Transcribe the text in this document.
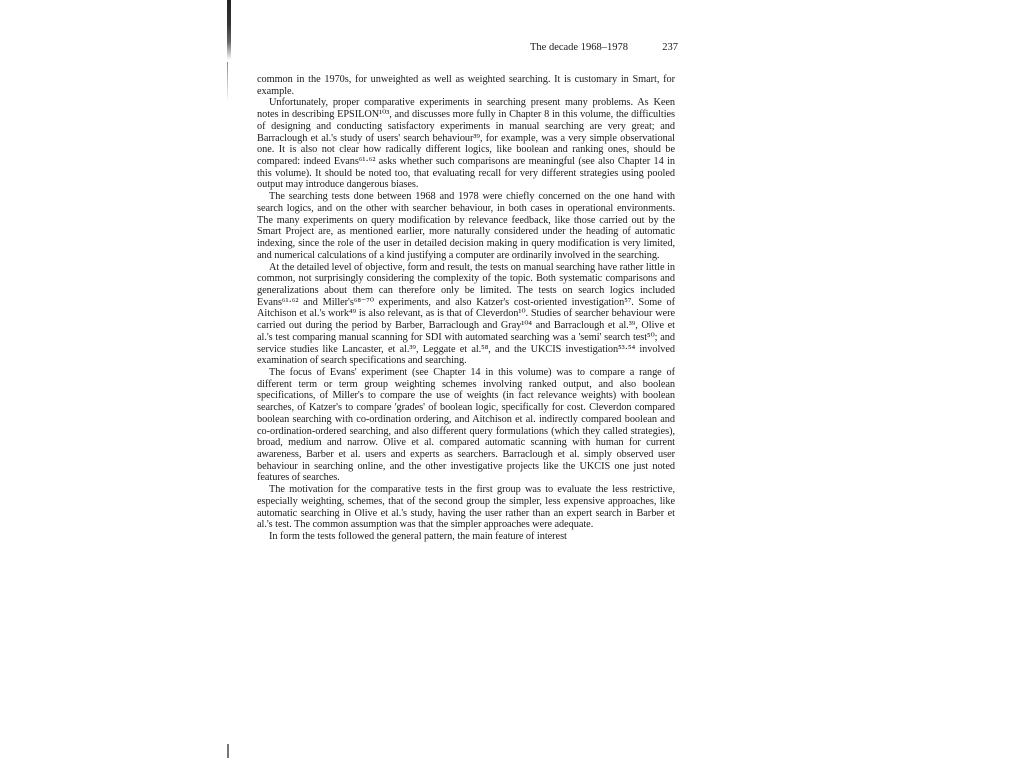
The decade 1968–1978	237

common in the 1970s, for unweighted as well as weighted searching. It is customary in Smart, for example.

Unfortunately, proper comparative experiments in searching present many problems. As Keen notes in describing EPSILON¹⁰³, and discusses more fully in Chapter 8 in this volume, the difficulties of designing and conducting satisfactory experiments in manual searching are very great; and Barraclough et al.'s study of users' search behaviour³⁹, for example, was a very simple observational one. It is also not clear how radically different logics, like boolean and ranking ones, should be compared: indeed Evans⁶¹·⁶² asks whether such comparisons are meaningful (see also Chapter 14 in this volume). It should be noted too, that evaluating recall for very different strategies using pooled output may introduce dangerous biases.

The searching tests done between 1968 and 1978 were chiefly concerned on the one hand with search logics, and on the other with searcher behaviour, in both cases in operational environments. The many experiments on query modification by relevance feedback, like those carried out by the Smart Project are, as mentioned earlier, more naturally considered under the heading of automatic indexing, since the role of the user in detailed decision making in query modification is very limited, and numerical calculations of a kind justifying a computer are ordinarily involved in the searching.

At the detailed level of objective, form and result, the tests on manual searching have rather little in common, not surprisingly considering the complexity of the topic. Both systematic comparisons and generalizations about them can therefore only be limited. The tests on search logics included Evans⁶¹·⁶² and Miller's⁶⁸⁻⁷⁰ experiments, and also Katzer's cost-oriented investigation⁵⁷. Some of Aitchison et al.'s work⁴⁹ is also relevant, as is that of Cleverdon¹⁰. Studies of searcher behaviour were carried out during the period by Barber, Barraclough and Gray¹⁰⁴ and Barraclough et al.³⁹, Olive et al.'s test comparing manual scanning for SDI with automated searching was a 'semi' search test⁵⁰; and service studies like Lancaster, et al.³⁹, Leggate et al.⁵⁸, and the UKCIS investigation⁵³·⁵⁴ involved examination of search specifications and searching.

The focus of Evans' experiment (see Chapter 14 in this volume) was to compare a range of different term or term group weighting schemes involving ranked output, and also boolean specifications, of Miller's to compare the use of weights (in fact relevance weights) with boolean searches, of Katzer's to compare 'grades' of boolean logic, specifically for cost. Cleverdon compared boolean searching with co-ordination ordering, and Aitchison et al. indirectly compared boolean and co-ordination-ordered searching, and also different query formulations (which they called strategies), broad, medium and narrow. Olive et al. compared automatic scanning with human for current awareness, Barber et al. users and experts as searchers. Barraclough et al. simply observed user behaviour in searching online, and the other investigative projects like the UKCIS one just noted features of searches.

The motivation for the comparative tests in the first group was to evaluate the less restrictive, especially weighting, schemes, that of the second group the simpler, less expensive approaches, like automatic searching in Olive et al.'s study, having the user rather than an expert search in Barber et al.'s test. The common assumption was that the simpler approaches were adequate.

In form the tests followed the general pattern, the main feature of interest
